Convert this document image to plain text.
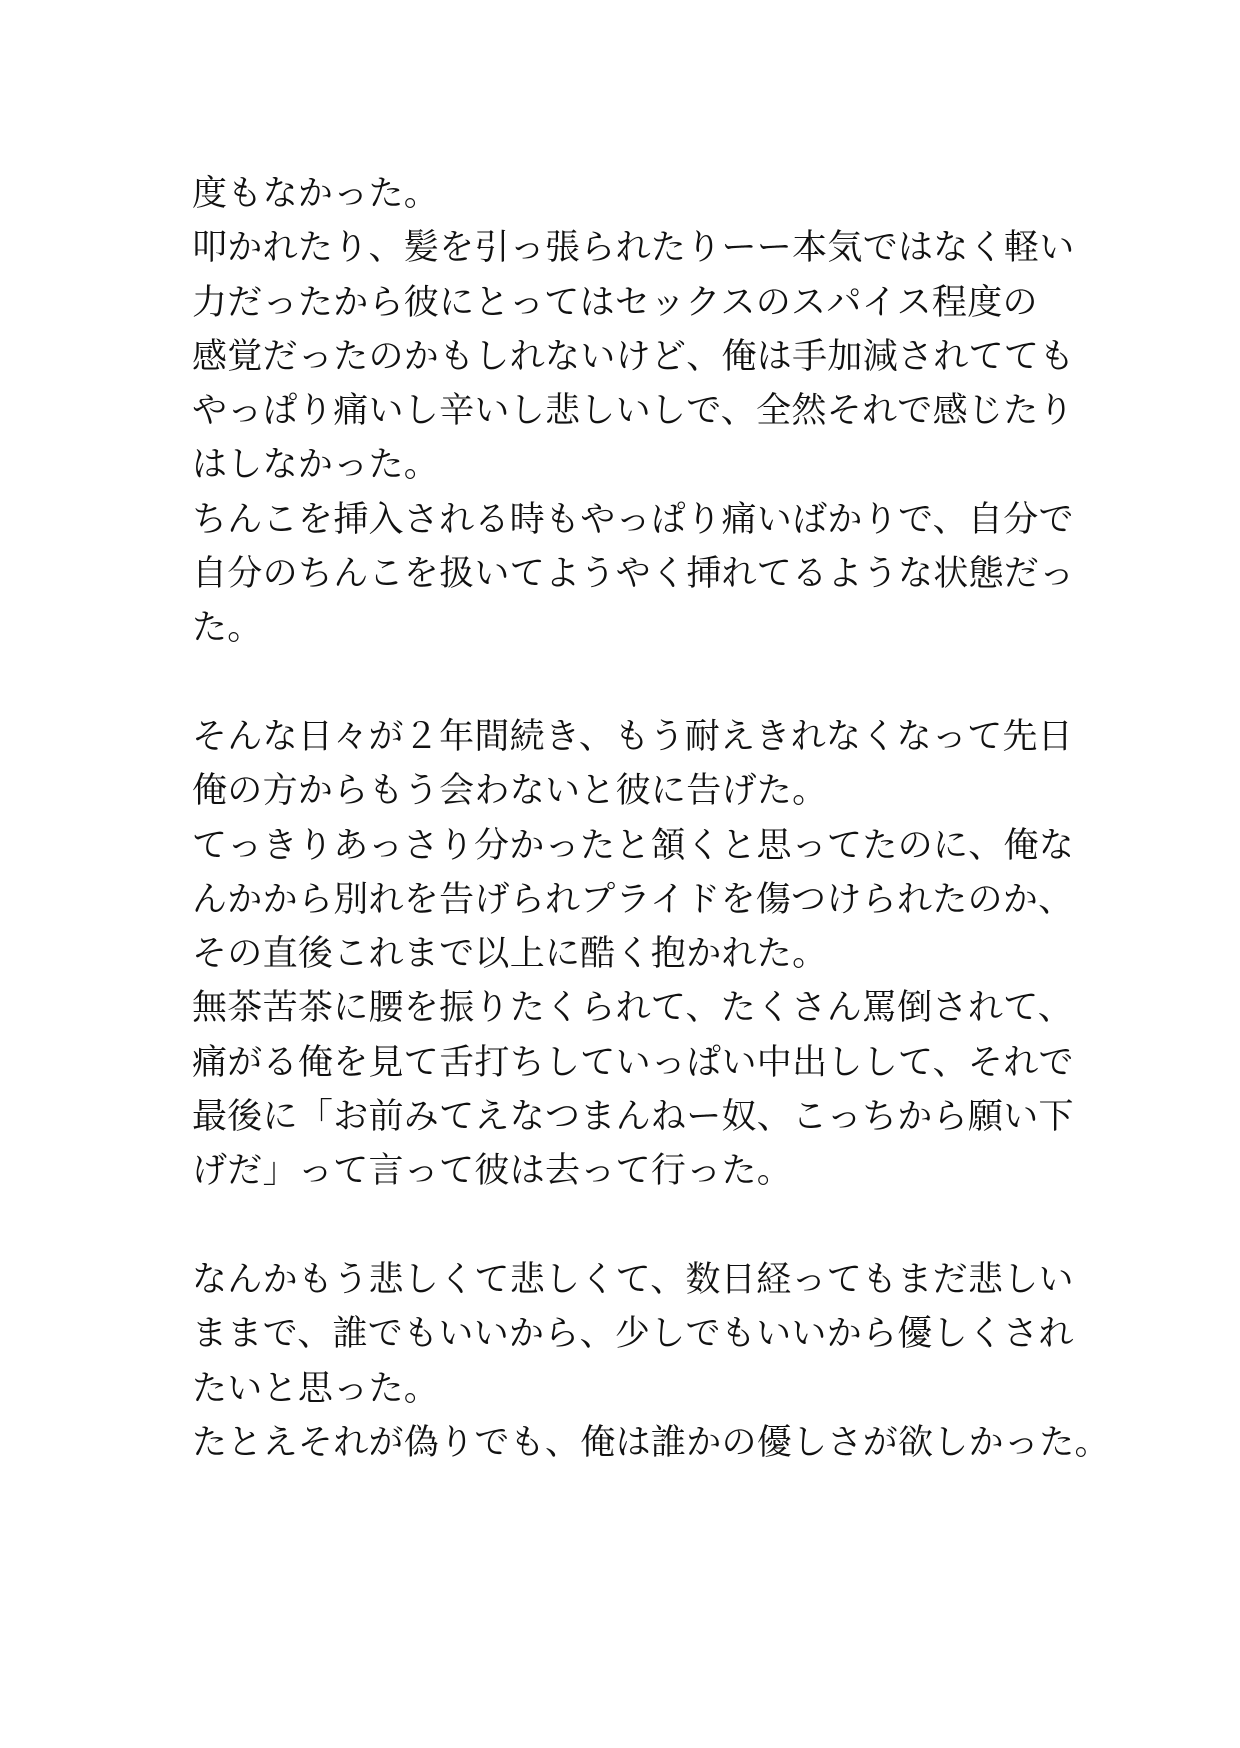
度もなかった。
叩かれたり、髪を引っ張られたりーー本気ではなく軽い
力だったから彼にとってはセックスのスパイス程度の
感覚だったのかもしれないけど、俺は手加減されてても
やっぱり痛いし辛いし悲しいしで、全然それで感じたり
はしなかった。
ちんこを挿入される時もやっぱり痛いばかりで、自分で
自分のちんこを扱いてようやく挿れてるような状態だっ
た。
そんな日々が２年間続き、もう耐えきれなくなって先日
俺の方からもう会わないと彼に告げた。
てっきりあっさり分かったと頷くと思ってたのに、俺な
んかから別れを告げられプライドを傷つけられたのか、
その直後これまで以上に酷く抱かれた。
無茶苦茶に腰を振りたくられて、たくさん罵倒されて、
痛がる俺を見て舌打ちしていっぱい中出しして、それで
最後に「お前みてえなつまんねー奴、こっちから願い下
げだ」って言って彼は去って行った。
なんかもう悲しくて悲しくて、数日経ってもまだ悲しい
ままで、誰でもいいから、少しでもいいから優しくされ
たいと思った。
たとえそれが偽りでも、俺は誰かの優しさが欲しかった。
